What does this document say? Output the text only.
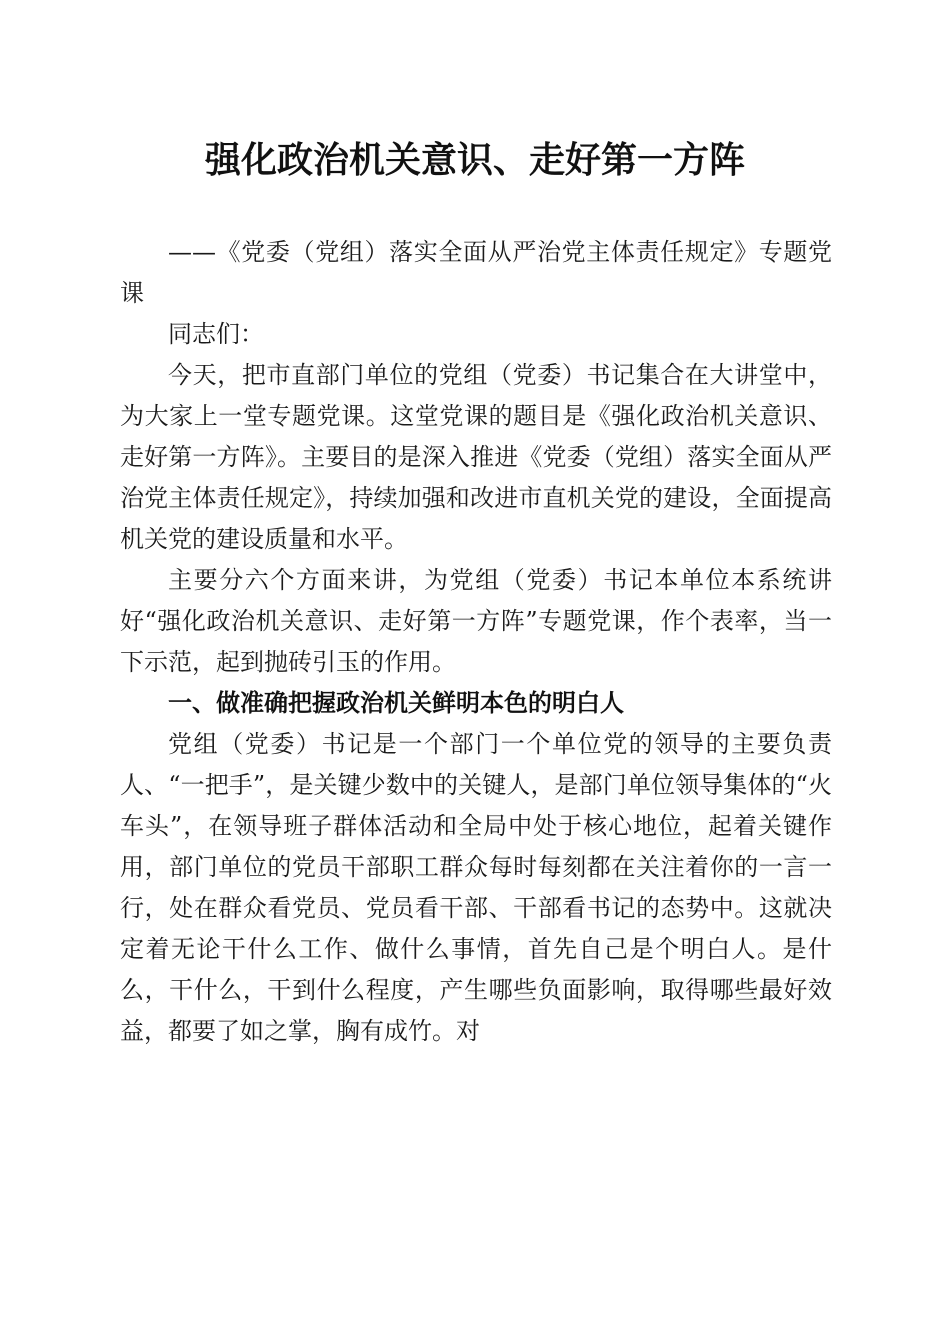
强化政治机关意识、走好第一方阵

——《党委（党组）落实全面从严治党主体责任规定》专题党课

同志们：

今天，把市直部门单位的党组（党委）书记集合在大讲堂中，为大家上一堂专题党课。这堂党课的题目是《强化政治机关意识、走好第一方阵》。主要目的是深入推进《党委（党组）落实全面从严治党主体责任规定》，持续加强和改进市直机关党的建设，全面提高机关党的建设质量和水平。

主要分六个方面来讲，为党组（党委）书记本单位本系统讲好“强化政治机关意识、走好第一方阵”专题党课，作个表率，当一下示范，起到抛砖引玉的作用。

一、做准确把握政治机关鲜明本色的明白人

党组（党委）书记是一个部门一个单位党的领导的主要负责人、“一把手”，是关键少数中的关键人，是部门单位领导集体的“火车头”，在领导班子群体活动和全局中处于核心地位，起着关键作用，部门单位的党员干部职工群众每时每刻都在关注着你的一言一行，处在群众看党员、党员看干部、干部看书记的态势中。这就决定着无论干什么工作、做什么事情，首先自己是个明白人。是什么，干什么，干到什么程度，产生哪些负面影响，取得哪些最好效益，都要了如之掌，胸有成竹。对
